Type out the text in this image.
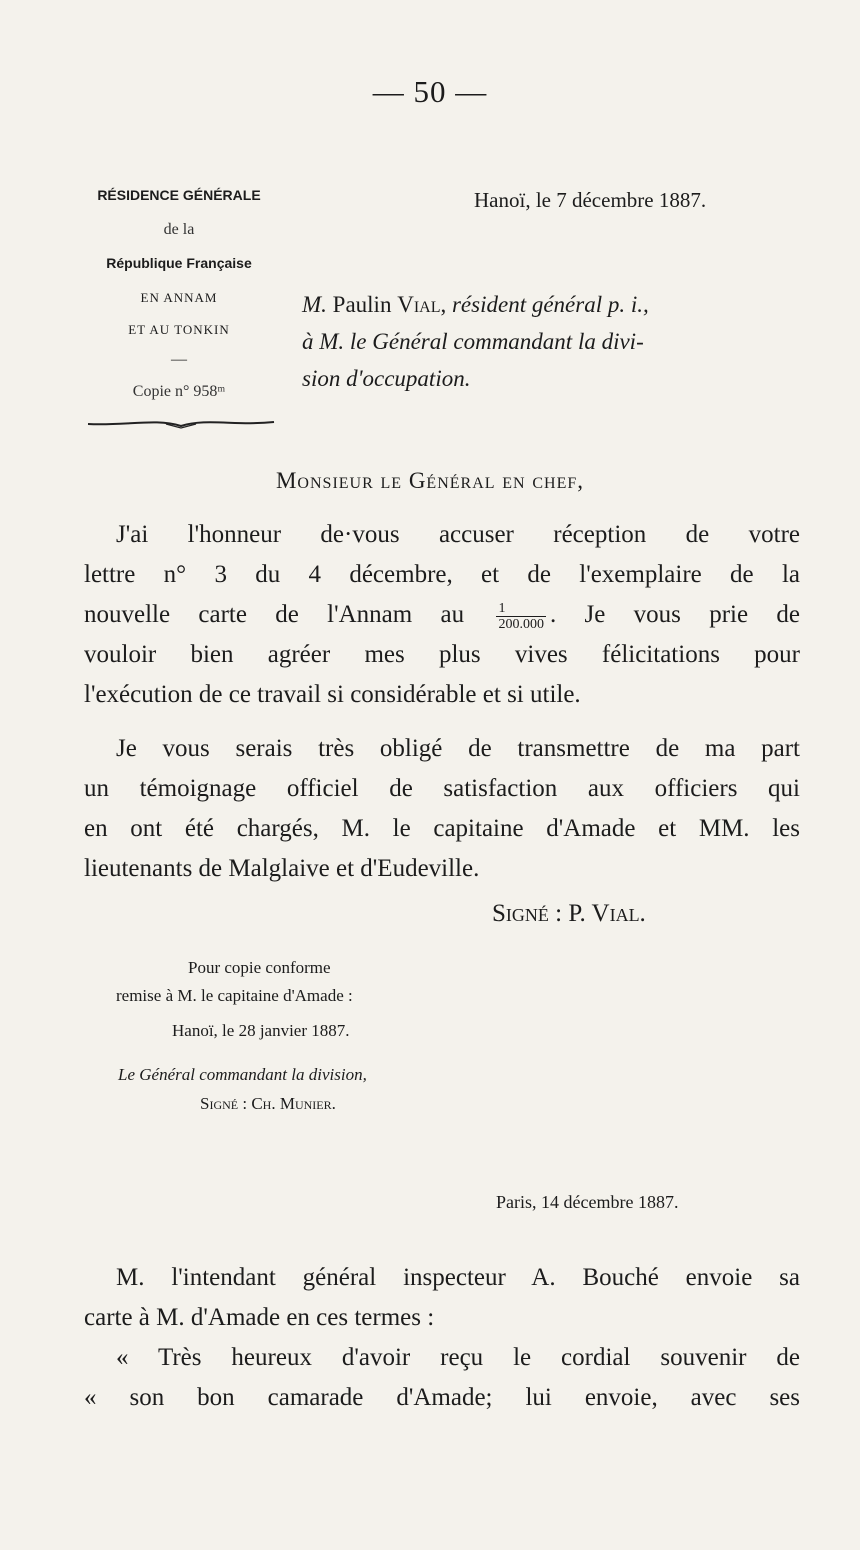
— 50 —
RÉSIDENCE GÉNÉRALE
de la
République Française
EN ANNAM
ET AU TONKIN
—
Copie n° 958ᵐ
Hanoï, le 7 décembre 1887.
M. Paulin Vial, résident général p. i.,
à M. le Général commandant la divi-
sion d'occupation.
Monsieur le Général en chef,
J'ai l'honneur de·vous accuser réception de votre
lettre n° 3 du 4 décembre, et de l'exemplaire de la
nouvelle carte de l'Annam au $\frac{1}{200.000}$ . Je vous prie de
vouloir bien agréer mes plus vives félicitations pour
l'exécution de ce travail si considérable et si utile.
Je vous serais très obligé de transmettre de ma part
un témoignage officiel de satisfaction aux officiers qui
en ont été chargés, M. le capitaine d'Amade et MM. les
lieutenants de Malglaive et d'Eudeville.
Signé : P. Vial.
Pour copie conforme
remise à M. le capitaine d'Amade :
Hanoï, le 28 janvier 1887.
Le Général commandant la division,
Signé : Ch. Munier.
Paris, 14 décembre 1887.
M. l'intendant général inspecteur A. Bouché envoie sa
carte à M. d'Amade en ces termes :
« Très heureux d'avoir reçu le cordial souvenir de
« son bon camarade d'Amade; lui envoie, avec ses
